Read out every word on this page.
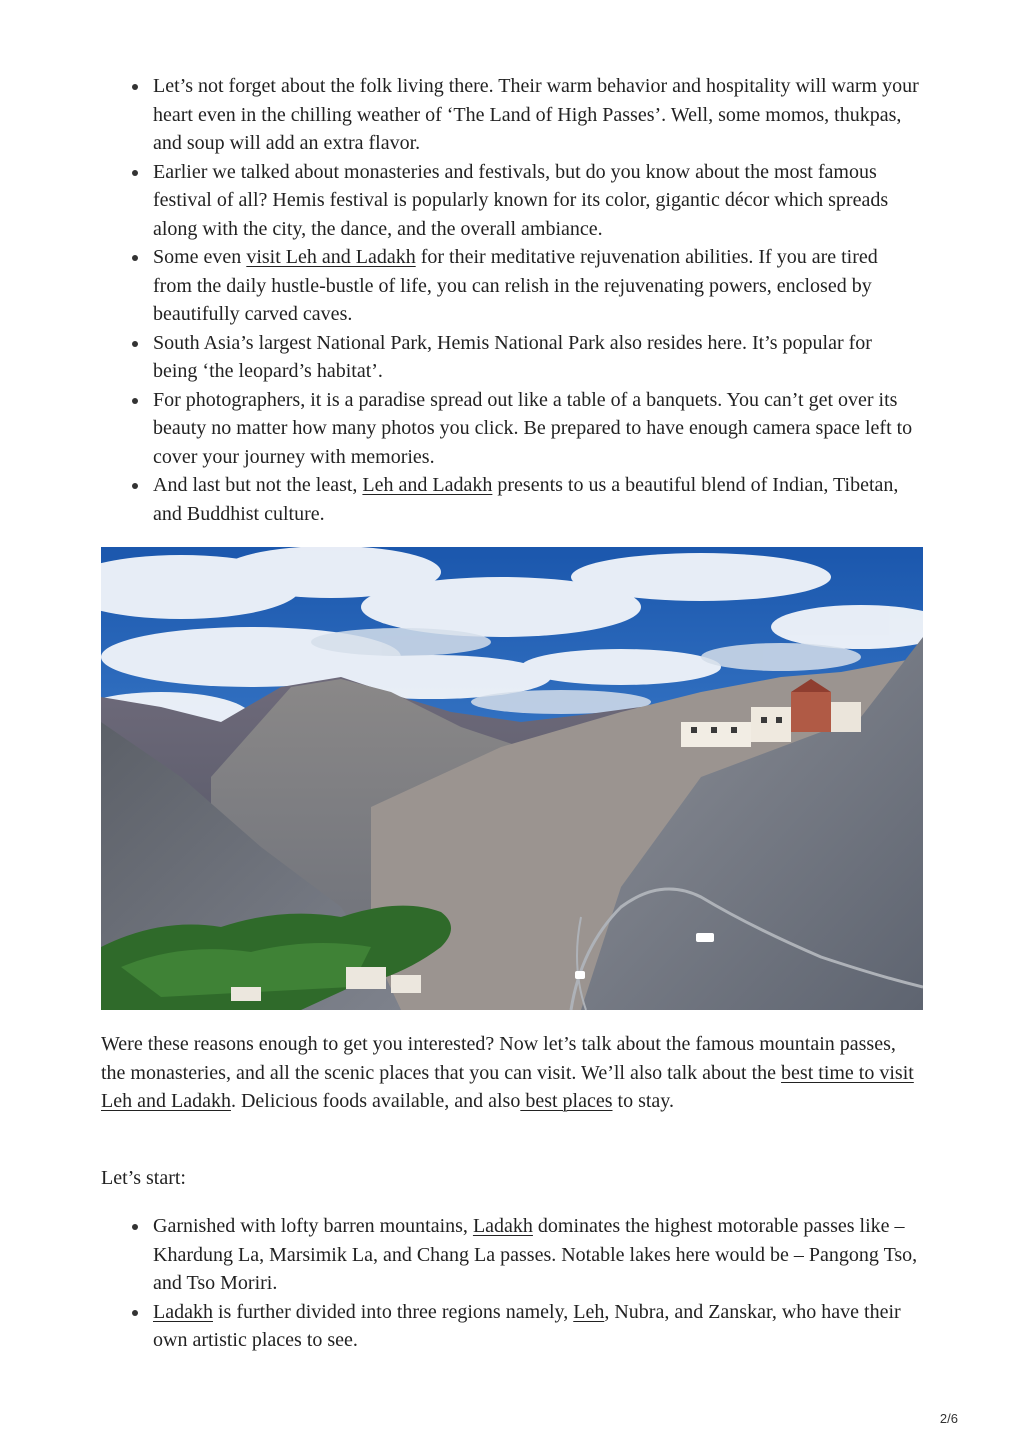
Let’s not forget about the folk living there. Their warm behavior and hospitality will warm your heart even in the chilling weather of ‘The Land of High Passes’. Well, some momos, thukpas, and soup will add an extra flavor.
Earlier we talked about monasteries and festivals, but do you know about the most famous festival of all? Hemis festival is popularly known for its color, gigantic décor which spreads along with the city, the dance, and the overall ambiance.
Some even visit Leh and Ladakh for their meditative rejuvenation abilities. If you are tired from the daily hustle-bustle of life, you can relish in the rejuvenating powers, enclosed by beautifully carved caves.
South Asia’s largest National Park, Hemis National Park also resides here. It’s popular for being ‘the leopard’s habitat’.
For photographers, it is a paradise spread out like a table of a banquets. You can’t get over its beauty no matter how many photos you click. Be prepared to have enough camera space left to cover your journey with memories.
And last but not the least, Leh and Ladakh presents to us a beautiful blend of Indian, Tibetan, and Buddhist culture.

Were these reasons enough to get you interested? Now let’s talk about the famous mountain passes, the monasteries, and all the scenic places that you can visit. We’ll also talk about the best time to visit Leh and Ladakh. Delicious foods available, and also best places to stay.

Let’s start:

Garnished with lofty barren mountains, Ladakh dominates the highest motorable passes like – Khardung La, Marsimik La, and Chang La passes. Notable lakes here would be – Pangong Tso, and Tso Moriri.
Ladakh is further divided into three regions namely, Leh, Nubra, and Zanskar, who have their own artistic places to see.
2/6
